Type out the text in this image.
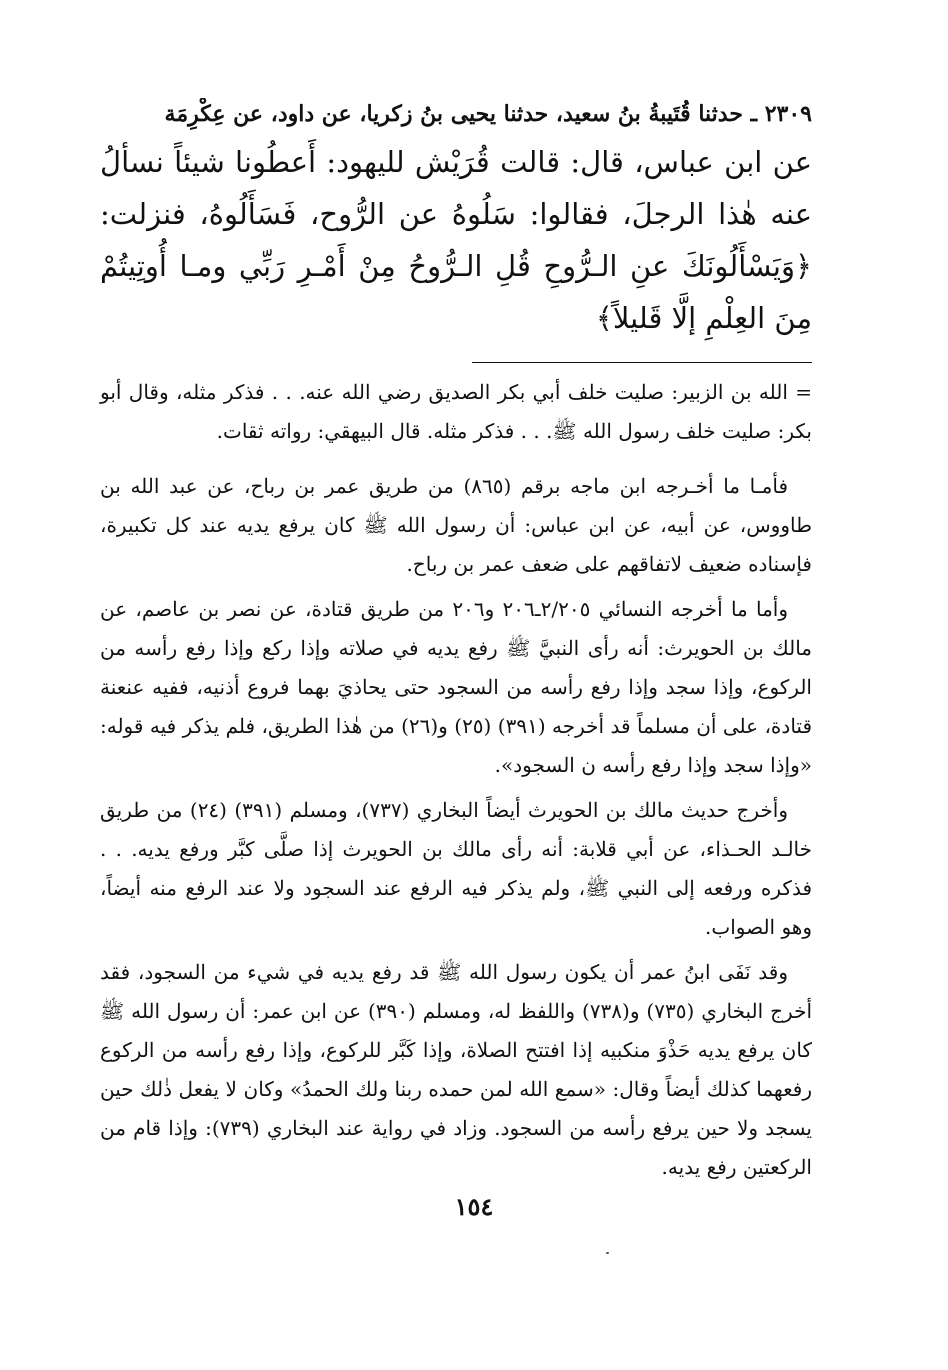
٢٣٠٩ ـ حدثنا قُتَيبةُ بنُ سعيد، حدثنا يحيى بنُ زكريا، عن داود، عن عِكْرِمَة

عن ابن عباس، قال: قالت قُرَيْش لليهود: أَعطُونا شيئاً نسألُ عنه هٰذا الرجلَ، فقالوا: سَلُوهُ عن الرُّوح، فَسَأَلُوهُ، فنزلت: ﴿وَيَسْأَلُونَكَ عنِ الـرُّوحِ قُلِ الـرُّوحُ مِنْ أَمْـرِ رَبِّي ومـا أُوتِيتُمْ مِنَ العِلْمِ إلَّا قَليلاً﴾

= الله بن الزبير: صليت خلف أبي بكر الصديق رضي الله عنه. . . فذكر مثله، وقال أبو بكر: صليت خلف رسول الله ﷺ. . . فذكر مثله. قال البيهقي: رواته ثقات.

فأمـا ما أخـرجه ابن ماجه برقم (٨٦٥) من طريق عمر بن رباح، عن عبد الله بن طاووس، عن أبيه، عن ابن عباس: أن رسول الله ﷺ كان يرفع يديه عند كل تكبيرة، فإسناده ضعيف لاتفاقهم على ضعف عمر بن رباح.

وأما ما أخرجه النسائي ٢/٢٠٥ـ٢٠٦ و٢٠٦ من طريق قتادة، عن نصر بن عاصم، عن مالك بن الحويرث: أنه رأى النبيَّ ﷺ رفع يديه في صلاته وإذا ركع وإذا رفع رأسه من الركوع، وإذا سجد وإذا رفع رأسه من السجود حتى يحاذيَ بهما فروع أذنيه، ففيه عنعنة قتادة، على أن مسلماً قد أخرجه (٣٩١) (٢٥) و(٢٦) من هٰذا الطريق، فلم يذكر فيه قوله: «وإذا سجد وإذا رفع رأسه ن السجود».

وأخرج حديث مالك بن الحويرث أيضاً البخاري (٧٣٧)، ومسلم (٣٩١) (٢٤) من طريق خالـد الحـذاء، عن أبي قلابة: أنه رأى مالك بن الحويرث إذا صلَّى كبَّر ورفع يديه. . . فذكره ورفعه إلى النبي ﷺ، ولم يذكر فيه الرفع عند السجود ولا عند الرفع منه أيضاً، وهو الصواب.

وقد نَفَى ابنُ عمر أن يكون رسول الله ﷺ قد رفع يديه في شيء من السجود، فقد أخرج البخاري (٧٣٥) و(٧٣٨) واللفظ له، ومسلم (٣٩٠) عن ابن عمر: أن رسول الله ﷺ كان يرفع يديه حَذْوَ منكبيه إذا افتتح الصلاة، وإذا كَبَّر للركوع، وإذا رفع رأسه من الركوع رفعهما كذلك أيضاً وقال: «سمع الله لمن حمده ربنا ولك الحمدُ» وكان لا يفعل ذٰلك حين يسجد ولا حين يرفع رأسه من السجود. وزاد في رواية عند البخاري (٧٣٩): وإذا قام من الركعتين رفع يديه.

١٥٤
